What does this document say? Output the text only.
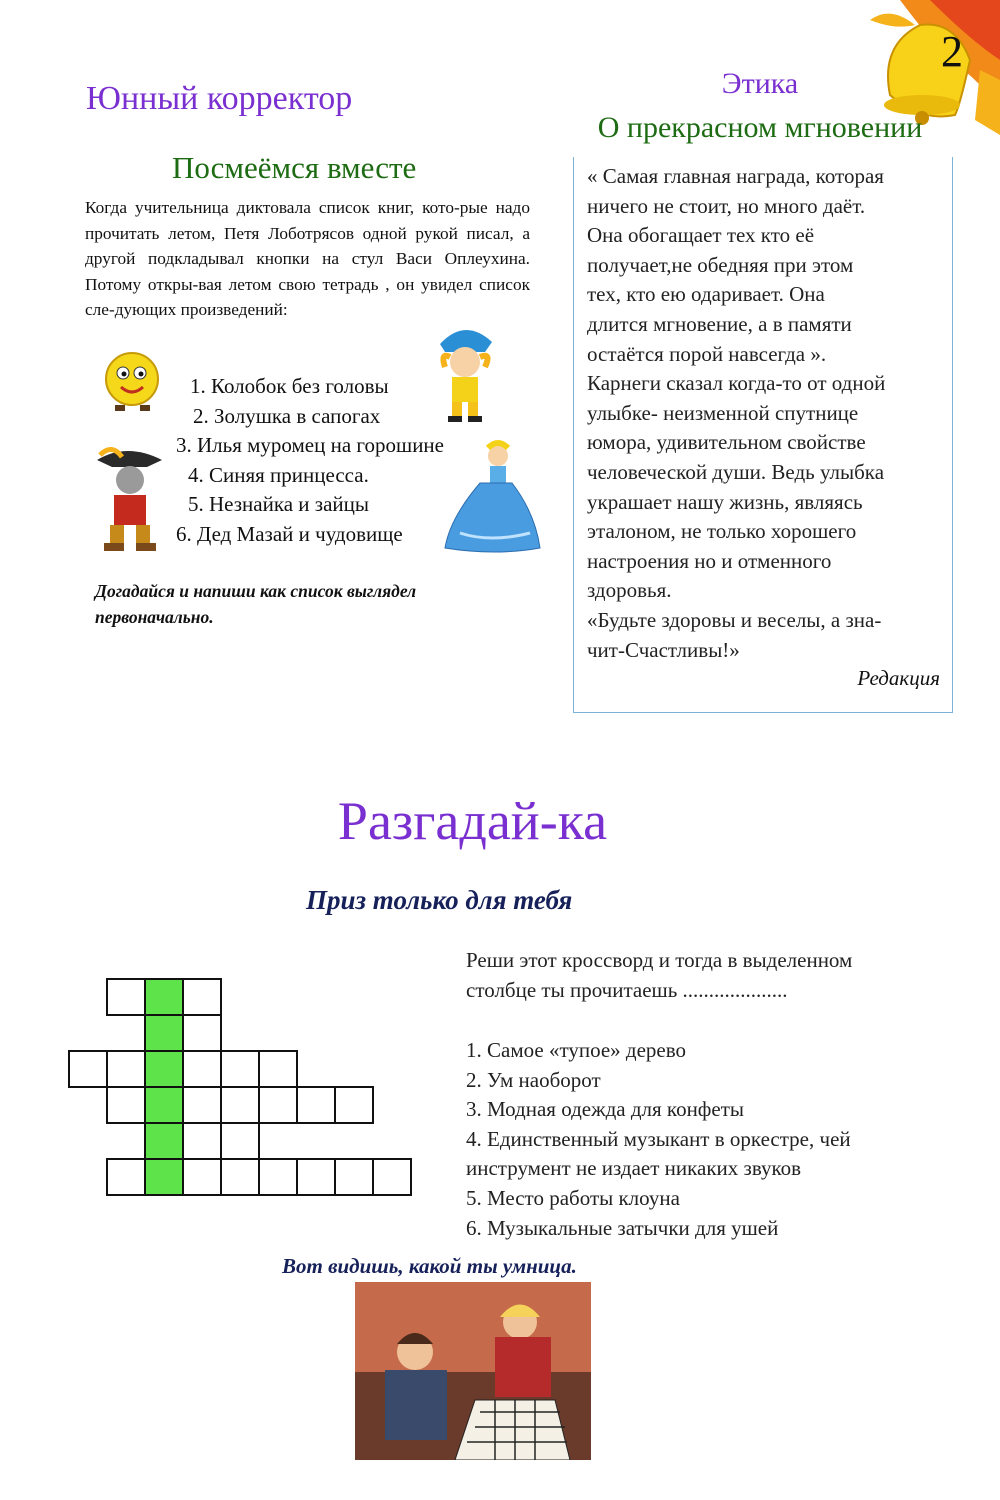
2
Юнный корректор
Посмеёмся вместе
Когда учительница диктовала список книг, кото-рые надо прочитать летом, Петя Лоботрясов одной рукой писал, а другой подкладывал кнопки на стул Васи Оплеухина. Потому откры-вая летом свою тетрадь , он увидел список сле-дующих произведений:
1. Колобок без головы
2. Золушка в сапогах
3. Илья муромец на горошине
4. Синяя принцесса.
5. Незнайка и зайцы
6. Дед Мазай и чудовище
Догадайся и напиши как список выглядел первоначально.
Этика
О прекрасном мгновении
« Самая главная награда, которая
ничего не стоит, но много даёт.
Она обогащает тех кто её
получает,не обедняя при этом
тех, кто ею одаривает. Она
длится мгновение, а в памяти
остаётся порой навсегда ».
Карнеги сказал когда-то от одной
улыбке- неизменной спутнице
юмора, удивительном свойстве
человеческой души. Ведь улыбка
украшает нашу жизнь, являясь
эталоном, не только хорошего
настроения но и отменного
здоровья.
«Будьте здоровы и веселы, а зна-
чит-Счастливы!»
Редакция
Разгадай-ка
Приз только для тебя
Реши этот кроссворд и тогда в выделенном
столбце ты прочитаешь ....................
1. Самое «тупое» дерево
2. Ум наоборот
3. Модная одежда для конфеты
4. Единственный музыкант в оркестре, чей
инструмент не издает никаких звуков
5. Место работы клоуна
6. Музыкальные затычки для ушей
Вот видишь, какой ты умница.
